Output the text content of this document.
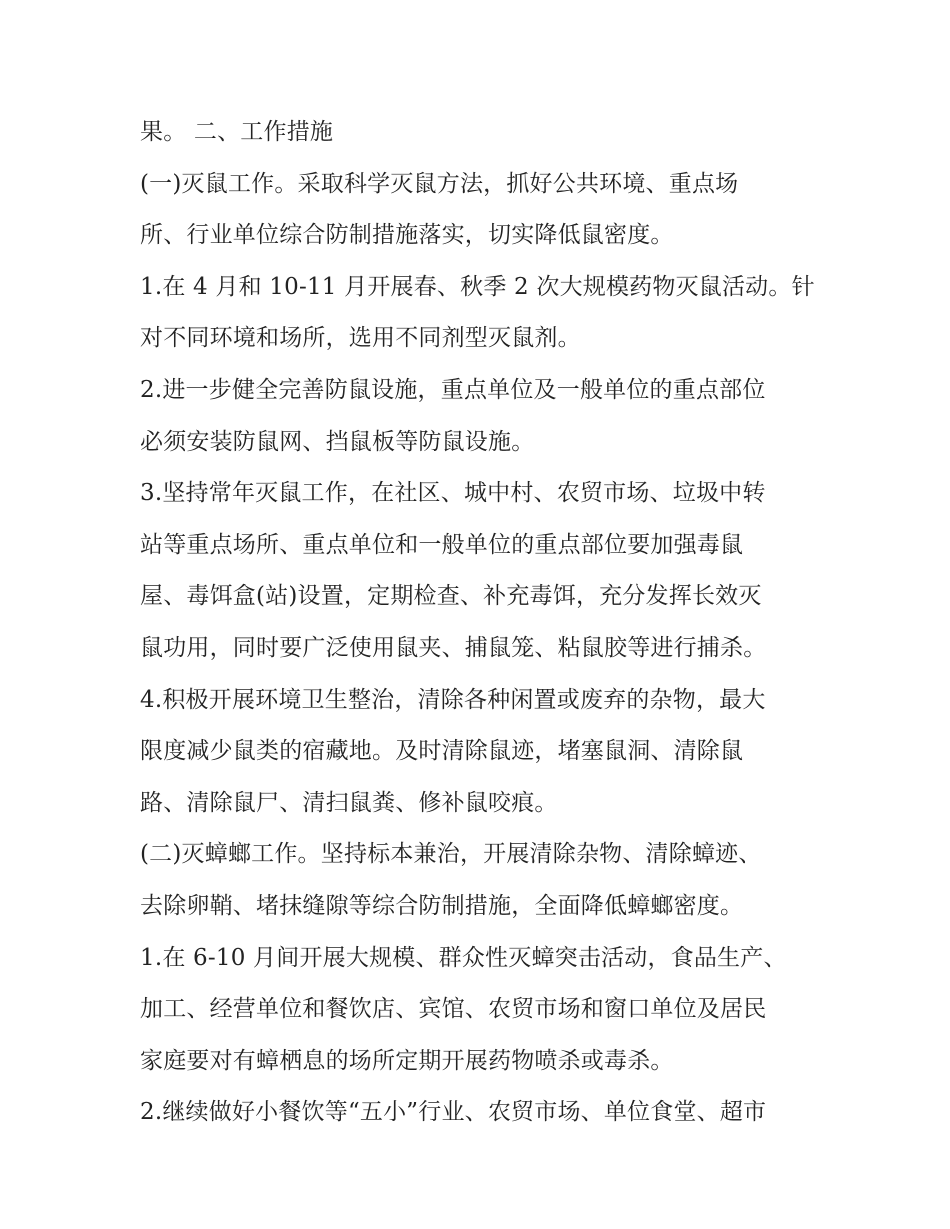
果。 二、工作措施
(一)灭鼠工作。采取科学灭鼠方法，抓好公共环境、重点场
所、行业单位综合防制措施落实，切实降低鼠密度。
1.在 4 月和 10-11 月开展春、秋季 2 次大规模药物灭鼠活动。针
对不同环境和场所，选用不同剂型灭鼠剂。
2.进一步健全完善防鼠设施，重点单位及一般单位的重点部位
必须安装防鼠网、挡鼠板等防鼠设施。
3.坚持常年灭鼠工作，在社区、城中村、农贸市场、垃圾中转
站等重点场所、重点单位和一般单位的重点部位要加强毒鼠
屋、毒饵盒(站)设置，定期检查、补充毒饵，充分发挥长效灭
鼠功用，同时要广泛使用鼠夹、捕鼠笼、粘鼠胶等进行捕杀。
4.积极开展环境卫生整治，清除各种闲置或废弃的杂物，最大
限度减少鼠类的宿藏地。及时清除鼠迹，堵塞鼠洞、清除鼠
路、清除鼠尸、清扫鼠粪、修补鼠咬痕。
(二)灭蟑螂工作。坚持标本兼治，开展清除杂物、清除蟑迹、
去除卵鞘、堵抹缝隙等综合防制措施，全面降低蟑螂密度。
1.在 6-10 月间开展大规模、群众性灭蟑突击活动，食品生产、
加工、经营单位和餐饮店、宾馆、农贸市场和窗口单位及居民
家庭要对有蟑栖息的场所定期开展药物喷杀或毒杀。
2.继续做好小餐饮等“五小”行业、农贸市场、单位食堂、超市
